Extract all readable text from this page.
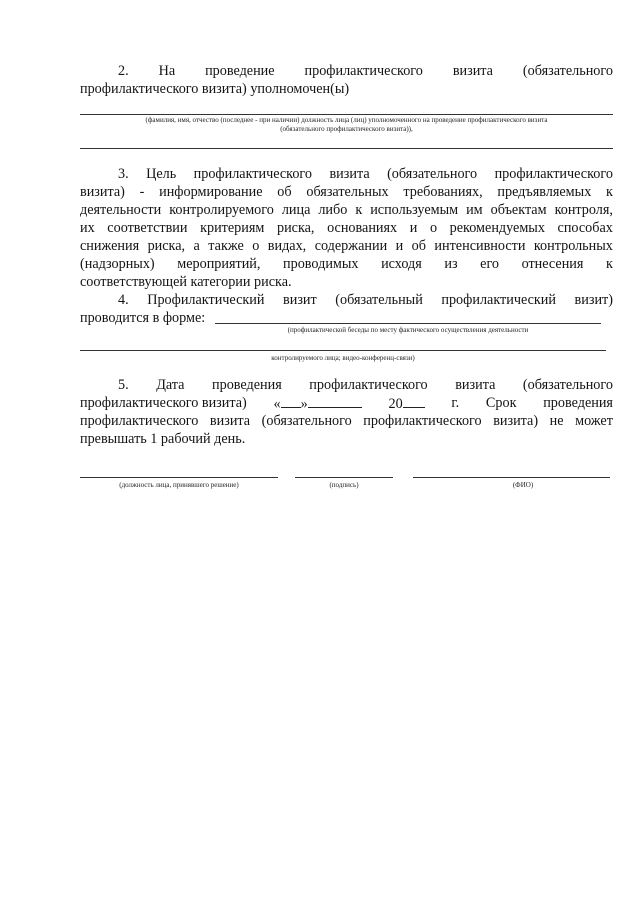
2. На проведение профилактического визита (обязательного
профилактического визита) уполномочен(ы)
(фамилия, имя, отчество (последнее - при наличии) должность лица (лиц) уполномоченного на проведение профилактического визита
(обязательного профилактического визита)),
3. Цель профилактического визита (обязательного профилактического
визита) - информирование об обязательных требованиях, предъявляемых к
деятельности контролируемого лица либо к используемым им объектам контроля,
их соответствии критериям риска, основаниях и о рекомендуемых способах
снижения риска, а также о видах, содержании и об интенсивности контрольных
(надзорных) мероприятий, проводимых исходя из его отнесения к
соответствующей категории риска.
4. Профилактический визит (обязательный профилактический визит)
проводится в форме:
(профилактической беседы по месту фактического осуществления деятельности
контролируемого лица; видео-конференц-связи)
5. Дата проведения профилактического визита (обязательного
профилактического визита) « »	20	г. Срок проведения
профилактического визита (обязательного профилактического визита) не может
превышать 1 рабочий день.
(должность лица, принявшего решение)	(подпись)	(ФИО)
